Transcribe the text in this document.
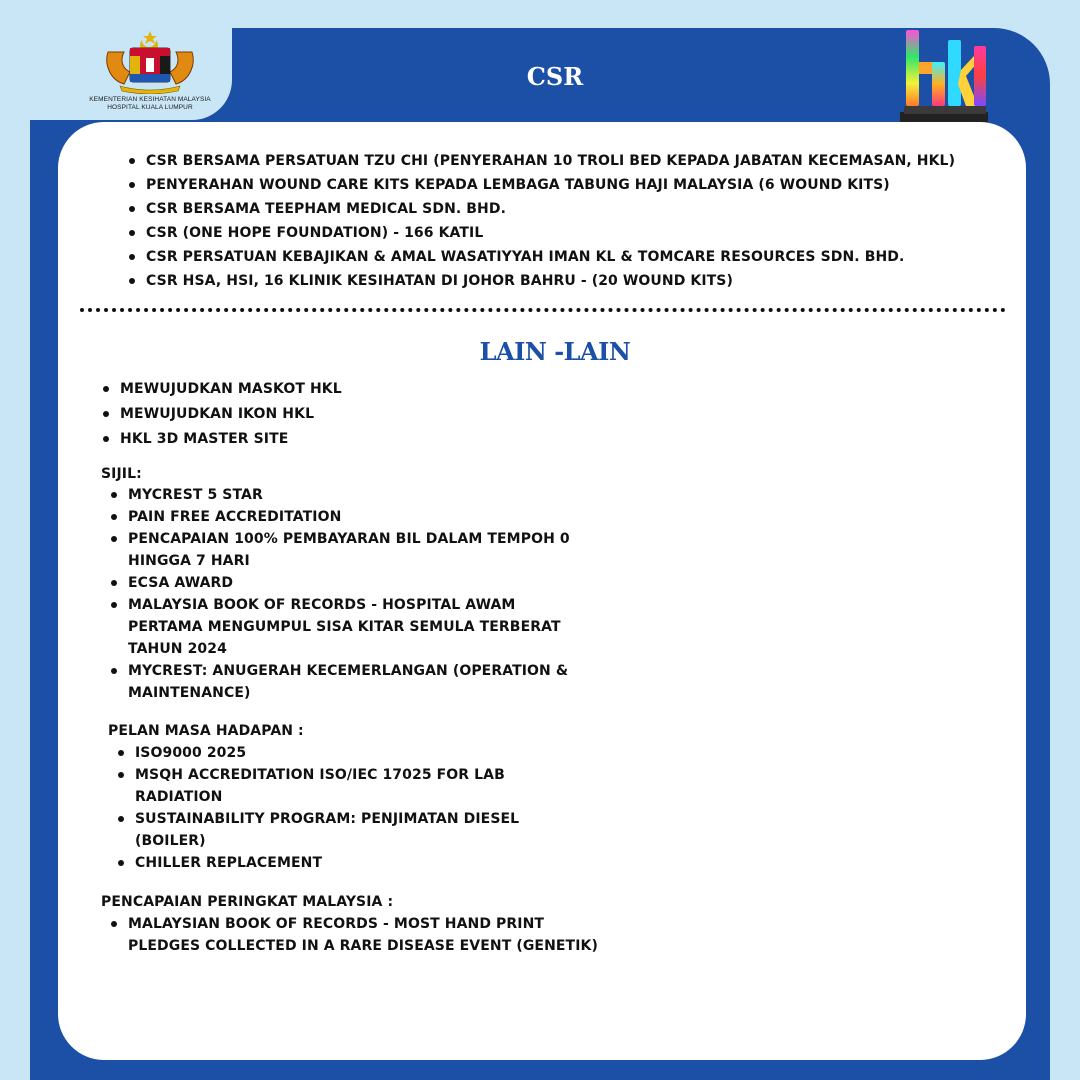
CSR
KEMENTERIAN KESIHATAN MALAYSIA
HOSPITAL KUALA LUMPUR
CSR BERSAMA PERSATUAN TZU CHI (PENYERAHAN 10 TROLI BED KEPADA JABATAN KECEMASAN, HKL)
PENYERAHAN WOUND CARE KITS KEPADA LEMBAGA TABUNG HAJI MALAYSIA (6 WOUND KITS)
CSR BERSAMA TEEPHAM MEDICAL SDN. BHD.
CSR (ONE HOPE FOUNDATION) - 166 KATIL
CSR PERSATUAN KEBAJIKAN & AMAL WASATIYYAH IMAN KL & TOMCARE RESOURCES SDN. BHD.
CSR HSA, HSI, 16 KLINIK KESIHATAN DI JOHOR BAHRU - (20 WOUND KITS)
LAIN -LAIN
MEWUJUDKAN MASKOT HKL
MEWUJUDKAN IKON HKL
HKL 3D MASTER SITE
SIJIL:
MYCREST 5 STAR
PAIN FREE ACCREDITATION
PENCAPAIAN 100% PEMBAYARAN BIL DALAM TEMPOH 0 HINGGA 7 HARI
ECSA AWARD
MALAYSIA BOOK OF RECORDS - HOSPITAL AWAM PERTAMA MENGUMPUL SISA KITAR SEMULA TERBERAT TAHUN 2024
MYCREST: ANUGERAH KECEMERLANGAN (OPERATION & MAINTENANCE)
PELAN MASA HADAPAN :
ISO9000 2025
MSQH ACCREDITATION ISO/IEC 17025 FOR LAB RADIATION
SUSTAINABILITY PROGRAM: PENJIMATAN DIESEL (BOILER)
CHILLER REPLACEMENT
PENCAPAIAN PERINGKAT MALAYSIA :
MALAYSIAN BOOK OF RECORDS - MOST HAND PRINT PLEDGES COLLECTED IN A RARE DISEASE EVENT (GENETIK)
